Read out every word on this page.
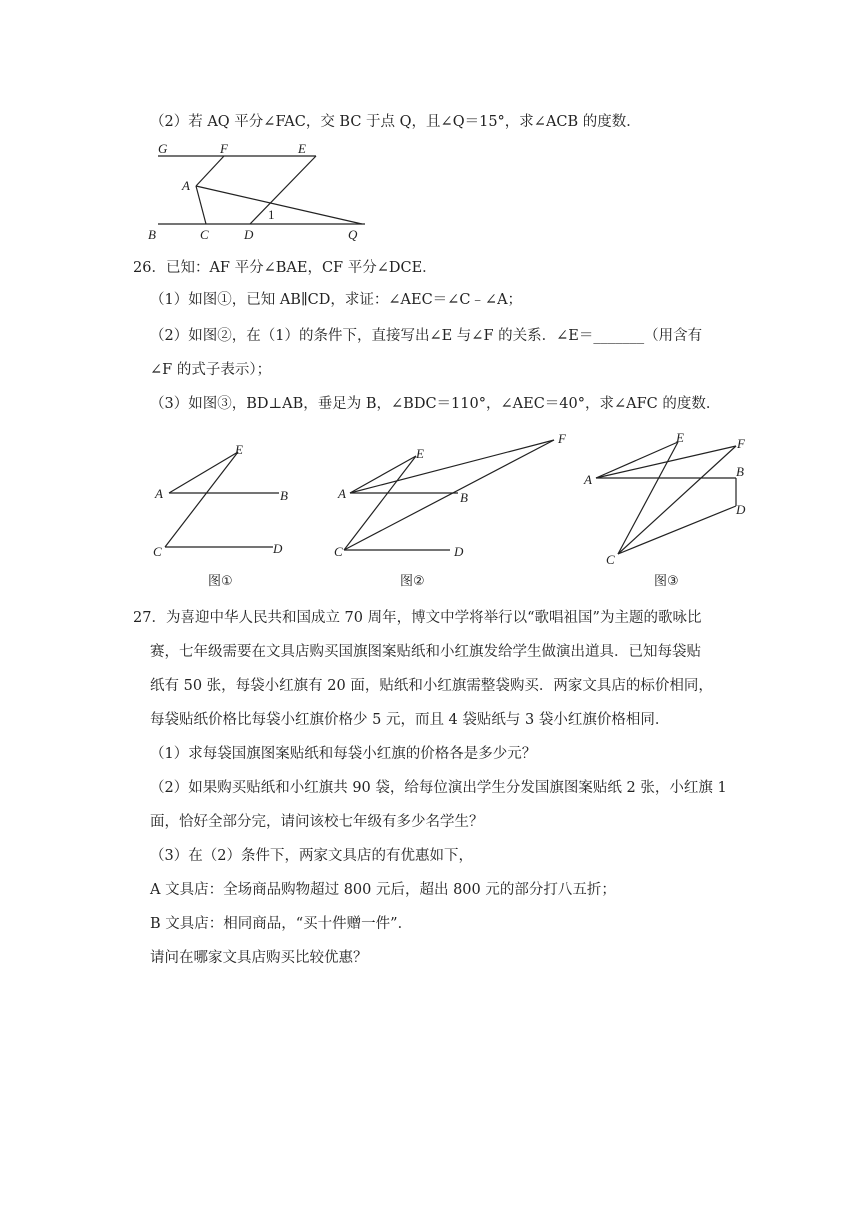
（2）若 AQ 平分∠FAC，交 BC 于点 Q，且∠Q＝15°，求∠ACB 的度数．
G	F	E
A
1
B	C	D	Q
26．已知：AF 平分∠BAE，CF 平分∠DCE．
（1）如图①，已知 AB∥CD，求证：∠AEC＝∠C﹣∠A；
（2）如图②，在（1）的条件下，直接写出∠E 与∠F 的关系．∠E＝_______（用含有
∠F 的式子表示）；
（3）如图③，BD⊥AB，垂足为 B，∠BDC＝110°，∠AEC＝40°，求∠AFC 的度数．
E
A	B
C	D
图①
E
F
A	B
C	D
图②
E	F
A
B
D
C
图③
27．为喜迎中华人民共和国成立 70 周年，博文中学将举行以“歌唱祖国”为主题的歌咏比
赛，七年级需要在文具店购买国旗图案贴纸和小红旗发给学生做演出道具．已知每袋贴
纸有 50 张，每袋小红旗有 20 面，贴纸和小红旗需整袋购买．两家文具店的标价相同，
每袋贴纸价格比每袋小红旗价格少 5 元，而且 4 袋贴纸与 3 袋小红旗价格相同．
（1）求每袋国旗图案贴纸和每袋小红旗的价格各是多少元？
（2）如果购买贴纸和小红旗共 90 袋，给每位演出学生分发国旗图案贴纸 2 张，小红旗 1
面，恰好全部分完，请问该校七年级有多少名学生？
（3）在（2）条件下，两家文具店的有优惠如下，
A 文具店：全场商品购物超过 800 元后，超出 800 元的部分打八五折；
B 文具店：相同商品，“买十件赠一件”．
请问在哪家文具店购买比较优惠？
